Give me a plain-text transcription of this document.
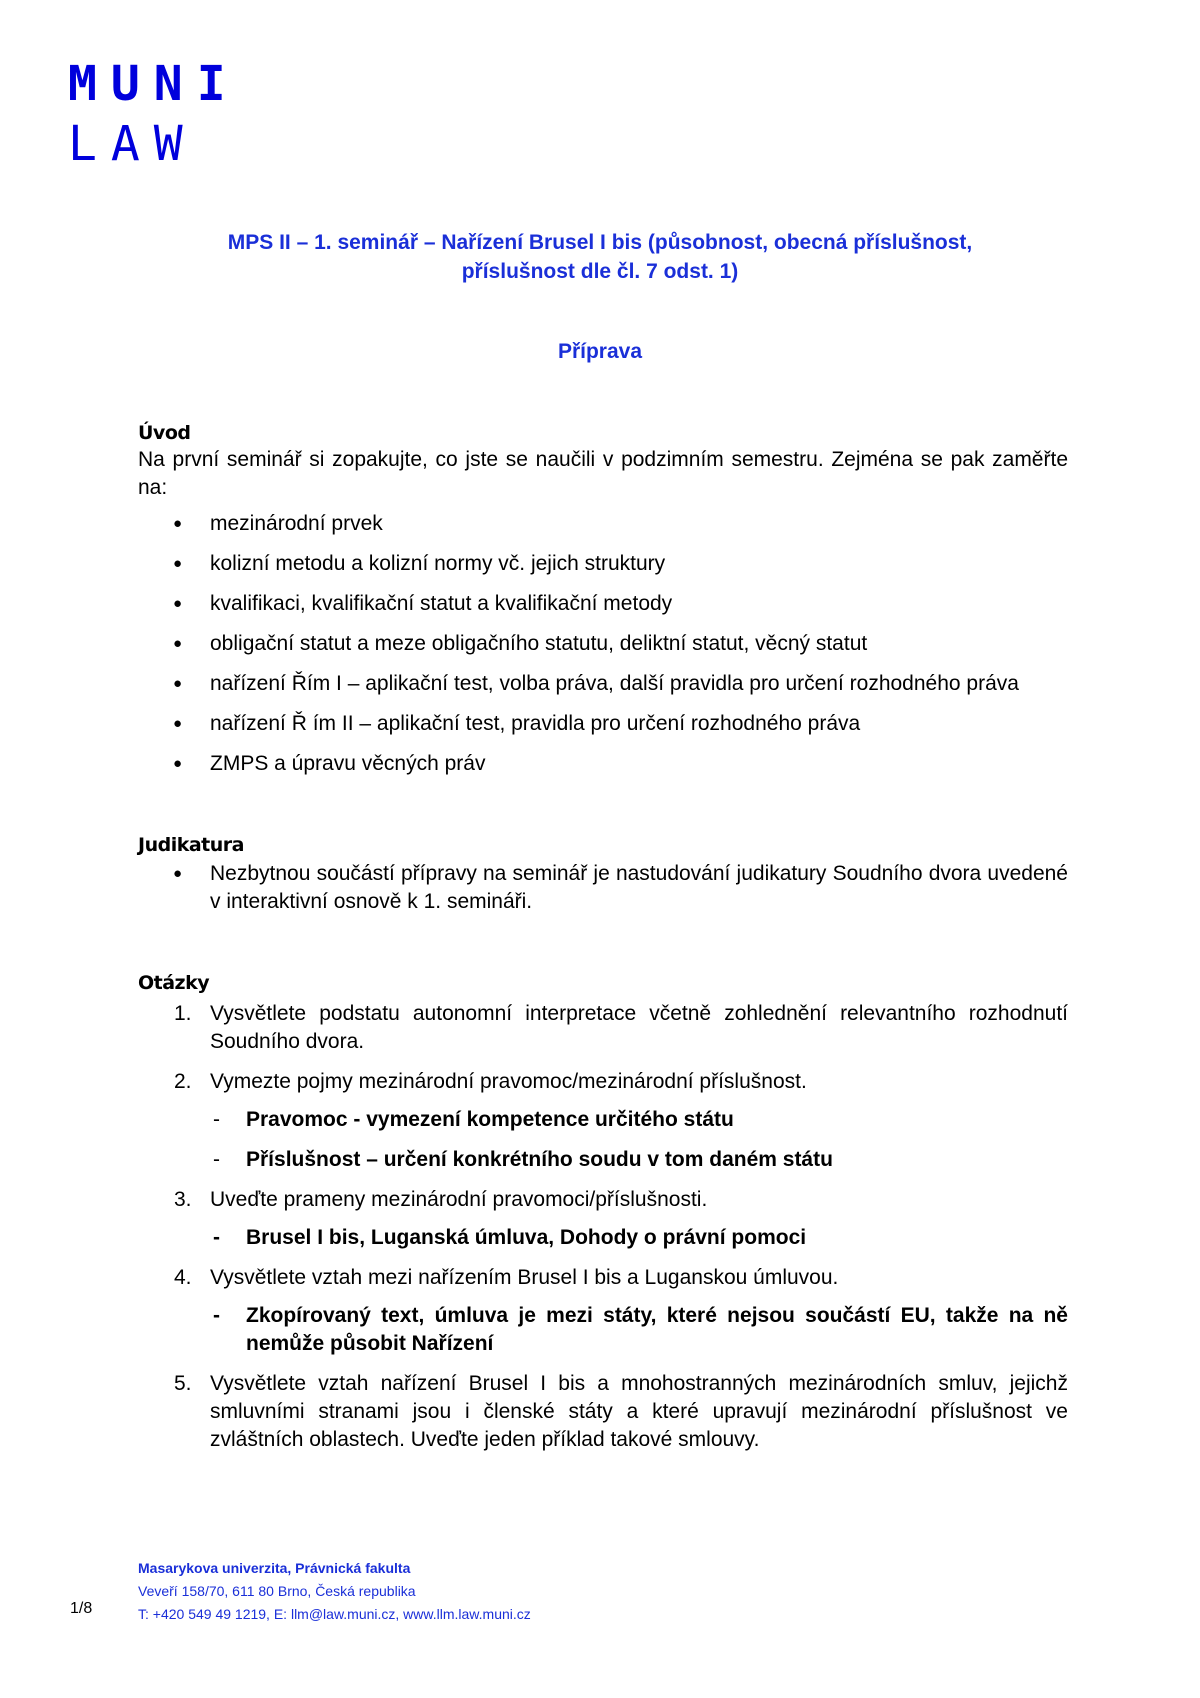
MUNI
LAW
MPS II – 1. seminář – Nařízení Brusel I bis (působnost, obecná příslušnost,
příslušnost dle čl. 7 odst. 1)
Příprava
Úvod

Na první seminář si zopakujte, co jste se naučili v podzimním semestru. Zejména se pak zaměřte na:

● mezinárodní prvek
● kolizní metodu a kolizní normy vč. jejich struktury
● kvalifikaci, kvalifikační statut a kvalifikační metody
● obligační statut a meze obligačního statutu, deliktní statut, věcný statut
● nařízení Řím I – aplikační test, volba práva, další pravidla pro určení rozhodného práva
● nařízení Ř ím II – aplikační test, pravidla pro určení rozhodného práva
● ZMPS a úpravu věcných práv
Judikatura
● Nezbytnou součástí přípravy na seminář je nastudování judikatury Soudního dvora uvedené v interaktivní osnově k 1. semináři.
Otázky
1. Vysvětlete podstatu autonomní interpretace včetně zohlednění relevantního rozhodnutí Soudního dvora.
2. Vymezte pojmy mezinárodní pravomoc/mezinárodní příslušnost.
- Pravomoc - vymezení kompetence určitého státu
- Příslušnost – určení konkrétního soudu v tom daném státu
3. Uveďte prameny mezinárodní pravomoci/příslušnosti.
- Brusel I bis, Luganská úmluva, Dohody o právní pomoci
4. Vysvětlete vztah mezi nařízením Brusel I bis a Luganskou úmluvou.
- Zkopírovaný text, úmluva je mezi státy, které nejsou součástí EU, takže na ně nemůže působit Nařízení
5. Vysvětlete vztah nařízení Brusel I bis a mnohostranných mezinárodních smluv, jejichž smluvními stranami jsou i členské státy a které upravují mezinárodní příslušnost ve zvláštních oblastech. Uveďte jeden příklad takové smlouvy.
Masarykova univerzita, Právnická fakulta
Veveří 158/70, 611 80 Brno, Česká republika
T: +420 549 49 1219, E: llm@law.muni.cz, www.llm.law.muni.cz
1/8
